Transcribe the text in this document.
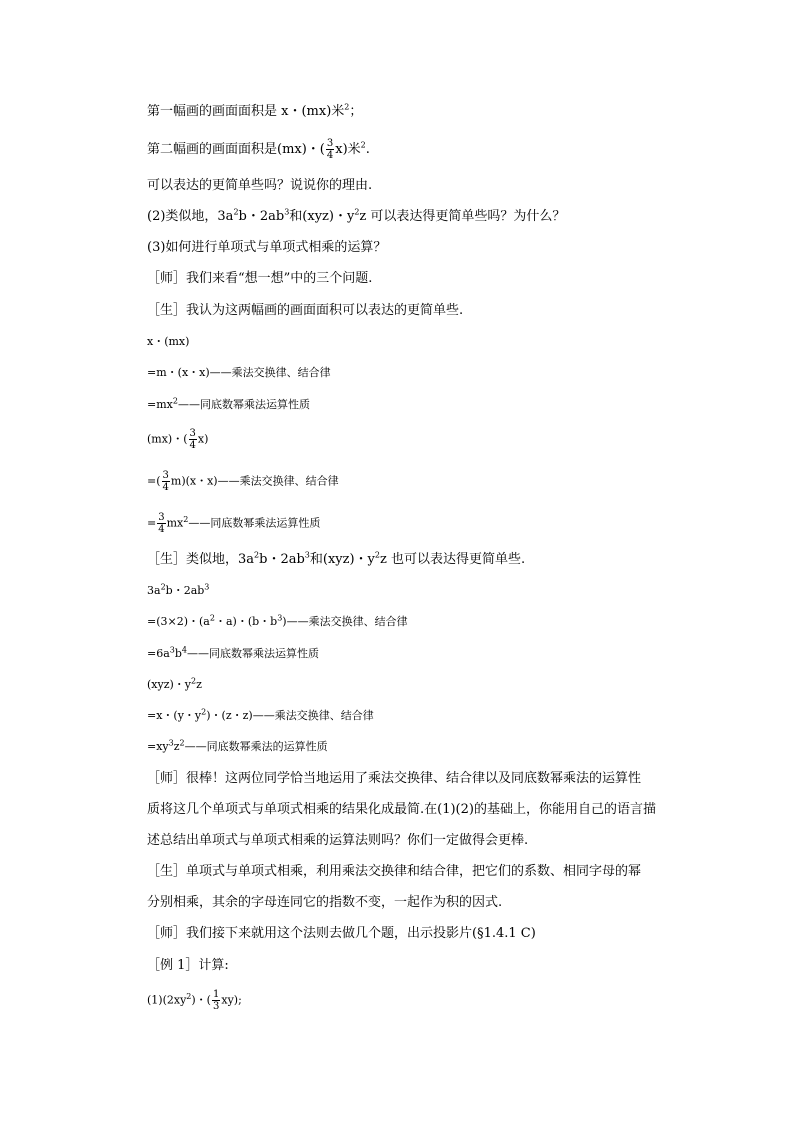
第一幅画的画面面积是 x・(mx)米$^2$；
第二幅画的画面面积是(mx)・( $\frac{3}{4} x$)米$^2$.
可以表达的更简单些吗？说说你的理由.
(2)类似地，$3a^2b$・$2ab^3$和(xyz)・$y^2z$ 可以表达得更简单些吗？为什么？
(3)如何进行单项式与单项式相乘的运算？
［师］我们来看“想一想”中的三个问题.
［生］我认为这两幅画的画面面积可以表达的更简单些.
x・(mx)
=m・(x・x)——乘法交换律、结合律
$=mx^2——$同底数幂乘法运算性质
(mx)・( $\frac{3}{4} x$)
=( $\frac{3}{4} m)(x$・x)——乘法交换律、结合律
= $\frac{3}{4}$ $mx^2——$同底数幂乘法运算性质
［生］类似地，$3a^2b$・$2ab^3$和(xyz)・$y^2z$ 也可以表达得更简单些.
$3a^2b$・$2ab^3$
=(3×2)・($a^2$・a)・(b・$b^3)——$乘法交换律、结合律
$=6a^3b^4——$同底数幂乘法运算性质
(xyz)・$y^2z$
=x・(y・$y^2$)・(z・z)——乘法交换律、结合律
$=xy^3z^2——$同底数幂乘法的运算性质
［师］很棒！这两位同学恰当地运用了乘法交换律、结合律以及同底数幂乘法的运算性
质将这几个单项式与单项式相乘的结果化成最简.在(1)(2)的基础上，你能用自己的语言描
述总结出单项式与单项式相乘的运算法则吗？你们一定做得会更棒.
［生］单项式与单项式相乘，利用乘法交换律和结合律，把它们的系数、相同字母的幂
分别相乘，其余的字母连同它的指数不变，一起作为积的因式.
［师］我们接下来就用这个法则去做几个题，出示投影片(§1.4.1 C)
［例 1］计算:
$(1)(2xy^2)$・( $\frac{1}{3} xy$);
